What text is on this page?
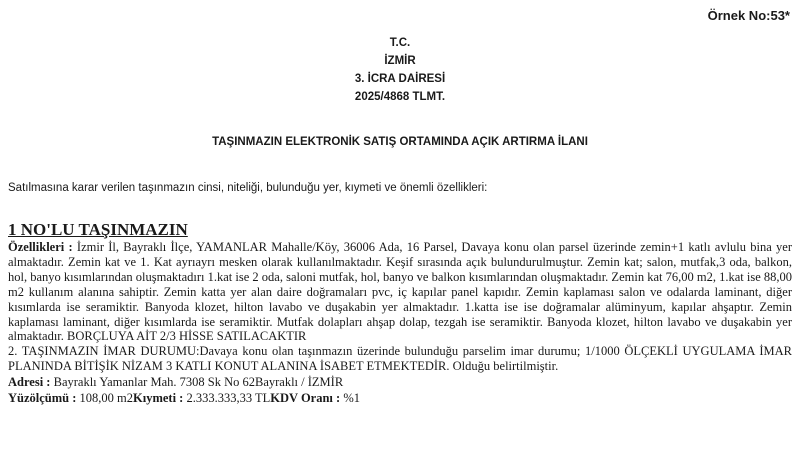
Örnek No:53*
T.C.
İZMİR
3. İCRA DAİRESİ
2025/4868 TLMT.
TAŞINMAZIN ELEKTRONİK SATIŞ ORTAMINDA AÇIK ARTIRMA İLANI
Satılmasına karar verilen taşınmazın cinsi, niteliği, bulunduğu yer, kıymeti ve önemli özellikleri:

1 NO'LU TAŞINMAZIN

Özellikleri : İzmir İl, Bayraklı İlçe, YAMANLAR Mahalle/Köy, 36006 Ada, 16 Parsel, Davaya konu olan parsel üzerinde zemin+1 katlı avlulu bina yer almaktadır. Zemin kat ve 1. Kat ayrıayrı mesken olarak kullanılmaktadır. Keşif sırasında açık bulundurulmuştur. Zemin kat; salon, mutfak,3 oda, balkon, hol, banyo kısımlarından oluşmaktadırı 1.kat ise 2 oda, saloni mutfak, hol, banyo ve balkon kısımlarından oluşmaktadır. Zemin kat 76,00 m2, 1.kat ise 88,00 m2 kullanım alanına sahiptir. Zemin katta yer alan daire doğramaları pvc, iç kapılar panel kapıdır. Zemin kaplaması salon ve odalarda laminant, diğer kısımlarda ise seramiktir. Banyoda klozet, hilton lavabo ve duşakabin yer almaktadır. 1.katta ise ise doğramalar alüminyum, kapılar ahşaptır. Zemin kaplaması laminant, diğer kısımlarda ise seramiktir. Mutfak dolapları ahşap dolap, tezgah ise seramiktir. Banyoda klozet, hilton lavabo ve duşakabin yer almaktadır. BORÇLUYA AİT 2/3 HİSSE SATILACAKTIR

2. TAŞINMAZIN İMAR DURUMU:Davaya konu olan taşınmazın üzerinde bulunduğu parselim imar durumu; 1/1000 ÖLÇEKLİ UYGULAMA İMAR PLANINDA BİTİŞİK NİZAM 3 KATLI KONUT ALANINA İSABET ETMEKTEDİR. Olduğu belirtilmiştir.

Adresi : Bayraklı Yamanlar Mah. 7308 Sk No 62Bayraklı / İZMİR

Yüzölçümü : 108,00 m2Kıymeti : 2.333.333,33 TLKDV Oranı : %1
